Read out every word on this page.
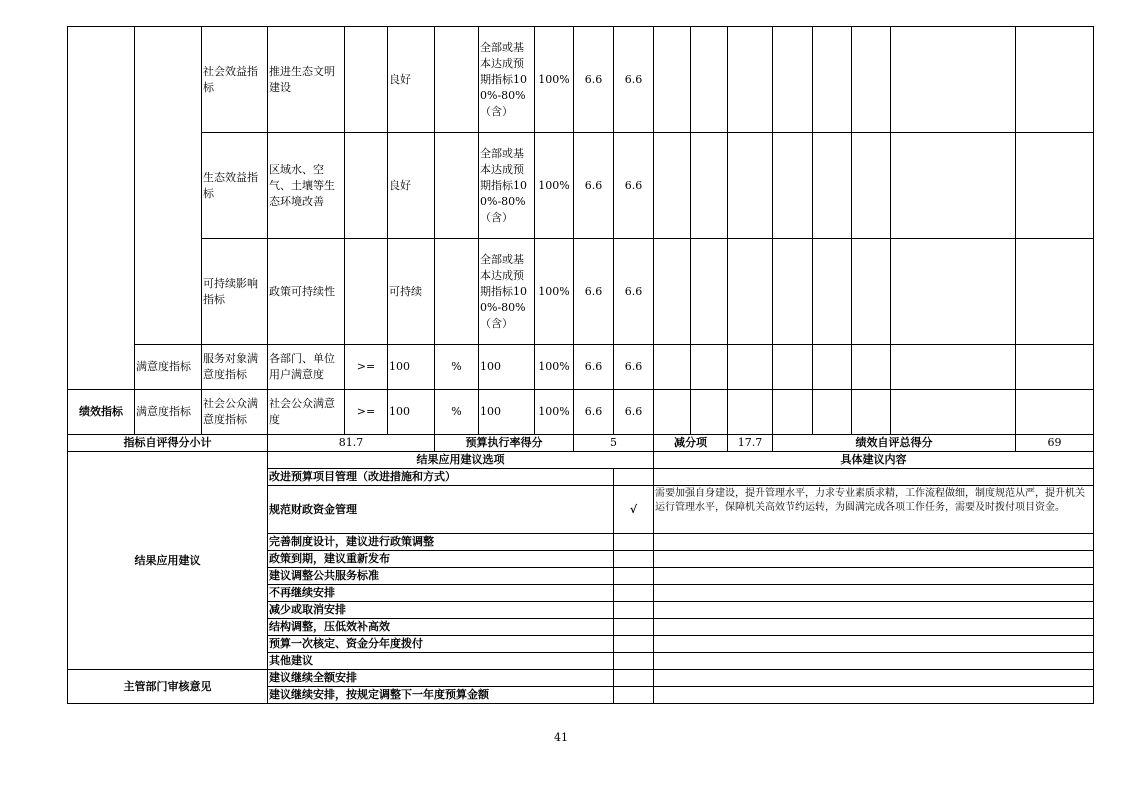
		社会效益指标	推进生态文明建设		良好		全部或基本达成预期指标100%-80%（含）	100%	6.6	6.6								
		生态效益指标	区域水、空气、土壤等生态环境改善		良好		全部或基本达成预期指标100%-80%（含）	100%	6.6	6.6								
		可持续影响指标	政策可持续性		可持续		全部或基本达成预期指标100%-80%（含）	100%	6.6	6.6								
	满意度指标	服务对象满意度指标	各部门、单位用户满意度	>=	100	%	100	100%	6.6	6.6								
绩效指标	满意度指标	社会公众满意度指标	社会公众满意度	>=	100	%	100	100%	6.6	6.6								
指标自评得分小计			81.7			预算执行率得分			5		减分项		17.7	绩效自评总得分				69
结果应用建议			结果应用建议选项								具体建议内容							
			改进预算项目管理（改进措施和方式）															
			规范财政资金管理							√	需要加强自身建设，提升管理水平，力求专业素质求精，工作流程做细，制度规范从严，提升机关运行管理水平，保障机关高效节约运转，为圆满完成各项工作任务，需要及时拨付项目资金。							
			完善制度设计，建议进行政策调整															
			政策到期，建议重新发布															
			建议调整公共服务标准															
			不再继续安排															
			减少或取消安排															
			结构调整，压低效补高效															
			预算一次核定、资金分年度拨付															
			其他建议															
主管部门审核意见			建议继续全额安排															
			建议继续安排，按规定调整下一年度预算金额															
41
